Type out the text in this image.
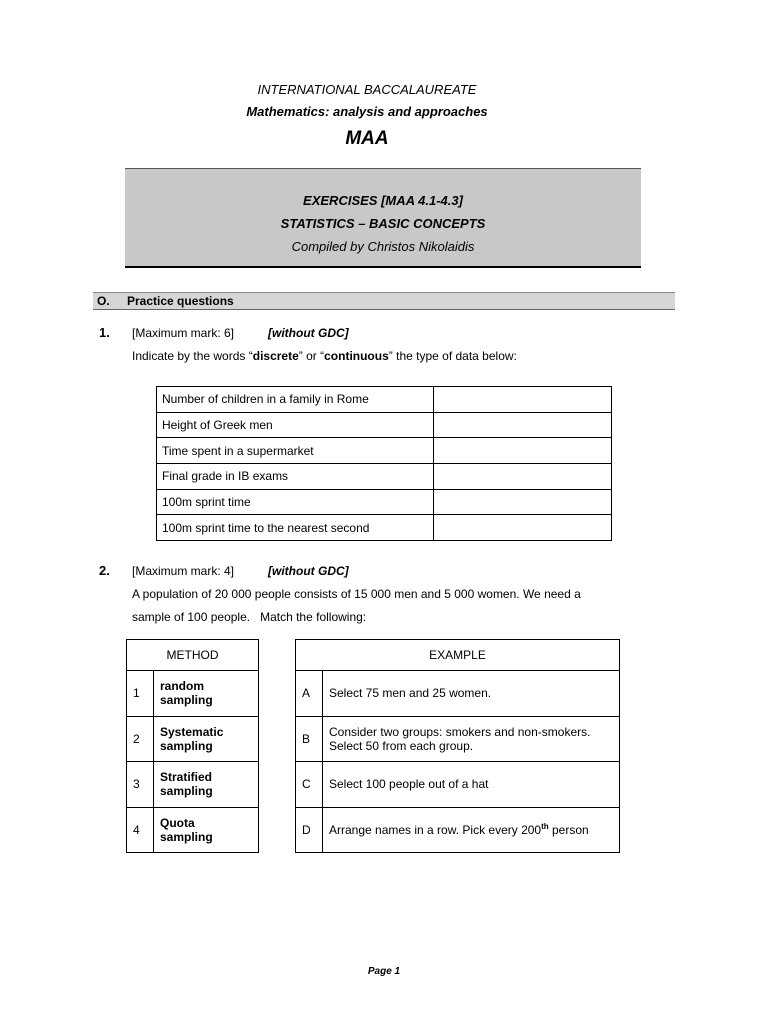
INTERNATIONAL BACCALAUREATE
Mathematics: analysis and approaches
MAA
EXERCISES [MAA 4.1-4.3]
STATISTICS – BASIC CONCEPTS
Compiled by Christos Nikolaidis
O. Practice questions
1. [Maximum mark: 6]	[without GDC]
Indicate by the words “discrete” or “continuous” the type of data below:
Number of children in a family in Rome	
Height of Greek men	
Time spent in a supermarket	
Final grade in IB exams	
100m sprint time	
100m sprint time to the nearest second	
2. [Maximum mark: 4]	[without GDC]
A population of 20 000 people consists of 15 000 men and 5 000 women. We need a
sample of 100 people.   Match the following:
METHOD	
1	random
sampling
2	Systematic
sampling
3	Stratified
sampling
4	Quota
sampling
EXAMPLE	
A	Select 75 men and 25 women.
B	Consider two groups: smokers and non-smokers.
Select 50 from each group.
C	Select 100 people out of a hat
D	Arrange names in a row. Pick every 200th person
Page 1
